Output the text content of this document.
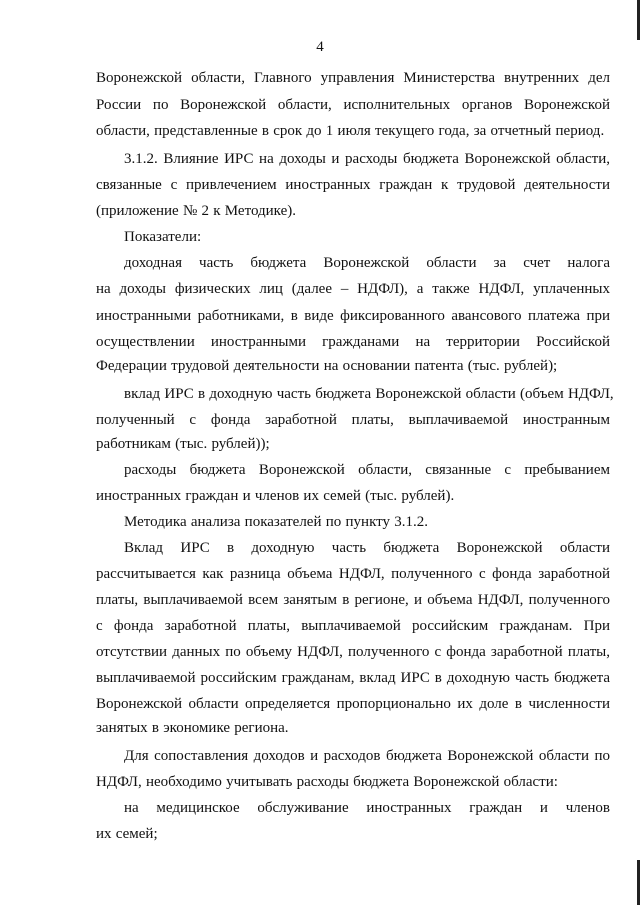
4
Воронежской области, Главного управления Министерства внутренних дел
России по Воронежской области, исполнительных органов Воронежской
области, представленные в срок до 1 июля текущего года, за отчетный период.
3.1.2. Влияние ИРС на доходы и расходы бюджета Воронежской области,
связанные с привлечением иностранных граждан к трудовой деятельности
(приложение № 2 к Методике).
Показатели:
доходная часть бюджета Воронежской области за счет налога
на доходы физических лиц (далее – НДФЛ), а также НДФЛ, уплаченных
иностранными работниками, в виде фиксированного авансового платежа при
осуществлении иностранными гражданами на территории Российской
Федерации трудовой деятельности на основании патента (тыс. рублей);
вклад ИРС в доходную часть бюджета Воронежской области (объем НДФЛ,
полученный с фонда заработной платы, выплачиваемой иностранным
работникам (тыс. рублей));
расходы бюджета Воронежской области, связанные с пребыванием
иностранных граждан и членов их семей (тыс. рублей).
Методика анализа показателей по пункту 3.1.2.
Вклад ИРС в доходную часть бюджета Воронежской области
рассчитывается как разница объема НДФЛ, полученного с фонда заработной
платы, выплачиваемой всем занятым в регионе, и объема НДФЛ, полученного
с фонда заработной платы, выплачиваемой российским гражданам. При
отсутствии данных по объему НДФЛ, полученного с фонда заработной платы,
выплачиваемой российским гражданам, вклад ИРС в доходную часть бюджета
Воронежской области определяется пропорционально их доле в численности
занятых в экономике региона.
Для сопоставления доходов и расходов бюджета Воронежской области по
НДФЛ, необходимо учитывать расходы бюджета Воронежской области:
на медицинское обслуживание иностранных граждан и членов
их семей;
